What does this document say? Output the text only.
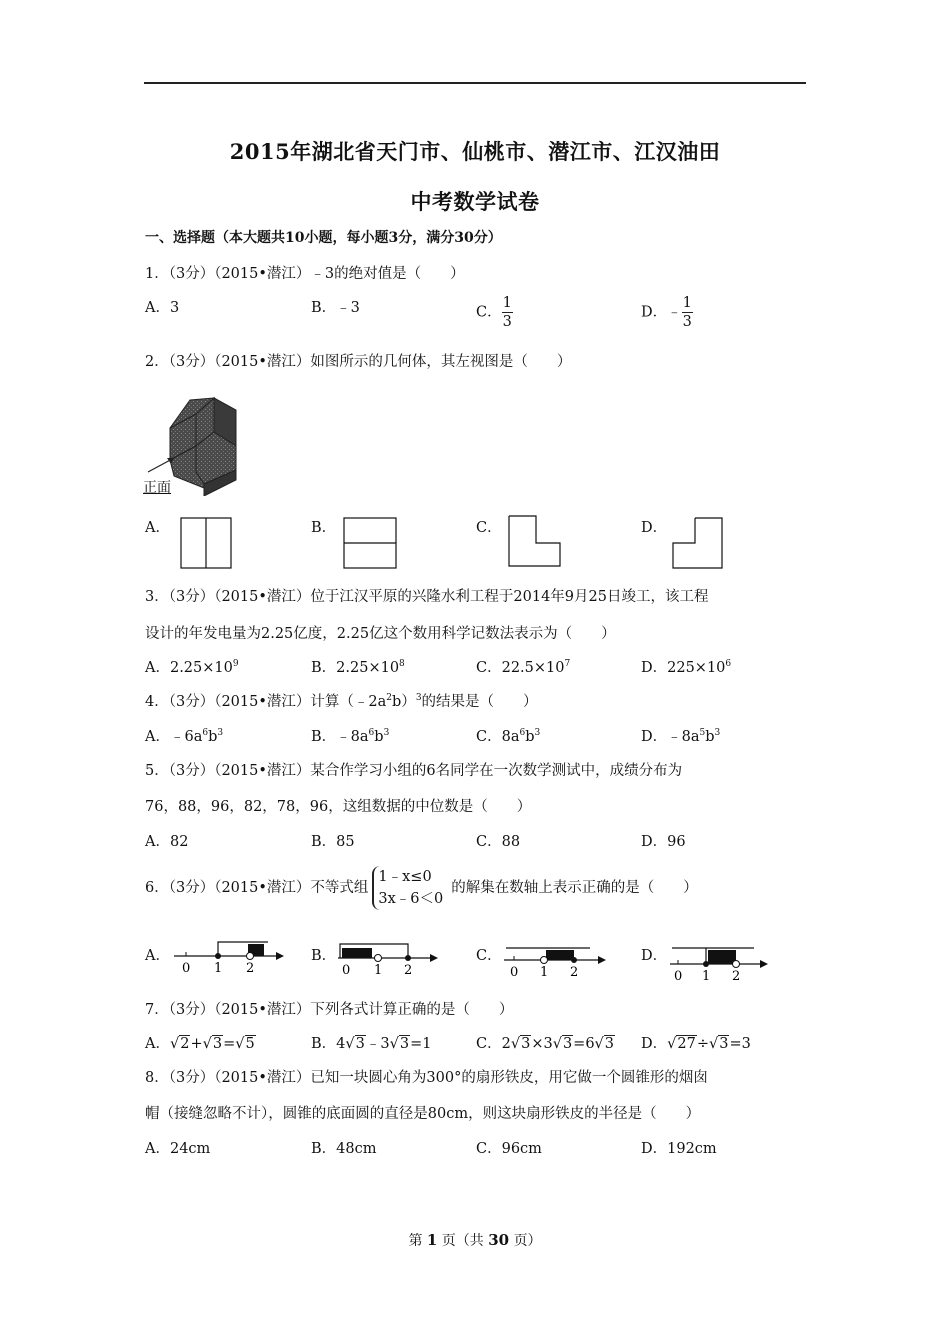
2015年湖北省天门市、仙桃市、潜江市、江汉油田
中考数学试卷
一、选择题（本大题共10小题，每小题3分，满分30分）
1．（3分）（2015•潜江）﹣3的绝对值是（　　）
A．3	B．﹣3	C． $\frac{1}{3}$	D．﹣ $\frac{1}{3}$
2．（3分）（2015•潜江）如图所示的几何体，其左视图是（　　）
正面
A．	B．	C．	D．
3．（3分）（2015•潜江）位于江汉平原的兴隆水利工程于2014年9月25日竣工，该工程
设计的年发电量为2.25亿度，2.25亿这个数用科学记数法表示为（　　）
A．$2.25\times 10^9$	B．$2.25\times 10^8$	C．$22.5\times 10^7$	D．$225\times 10^6$
4．（3分）（2015•潜江）计算$(﹣2a^2b)^3$的结果是（　　）
A．$﹣6a^6b^3$	B．$﹣8a^6b^3$	C．$8a^6b^3$	D．$﹣8a^5b^3$
5．（3分）（2015•潜江）某合作学习小组的6名同学在一次数学测试中，成绩分布为
76，88，96，82，78，96，这组数据的中位数是（　　）
A．82	B．85	C．88	D．96
6．（3分）（2015•潜江）不等式组
1﹣x≤0
3x﹣6＜0
的解集在数轴上表示正确的是（　　）
A．
0 1 2
B．
0 1 2
C．
0 1 2
D．
0 1 2
7．（3分）（2015•潜江）下列各式计算正确的是（　　）
A．√2+√3=√5	B．4√3﹣3√3=1	C．2√3×3√3=6√3 D．√27÷√3=3
8．（3分）（2015•潜江）已知一块圆心角为300°的扇形铁皮，用它做一个圆锥形的烟囱
帽（接缝忽略不计），圆锥的底面圆的直径是80cm，则这块扇形铁皮的半径是（　　）
A．24cm	B．48cm	C．96cm	D．192cm
第 1 页（共 30 页）
